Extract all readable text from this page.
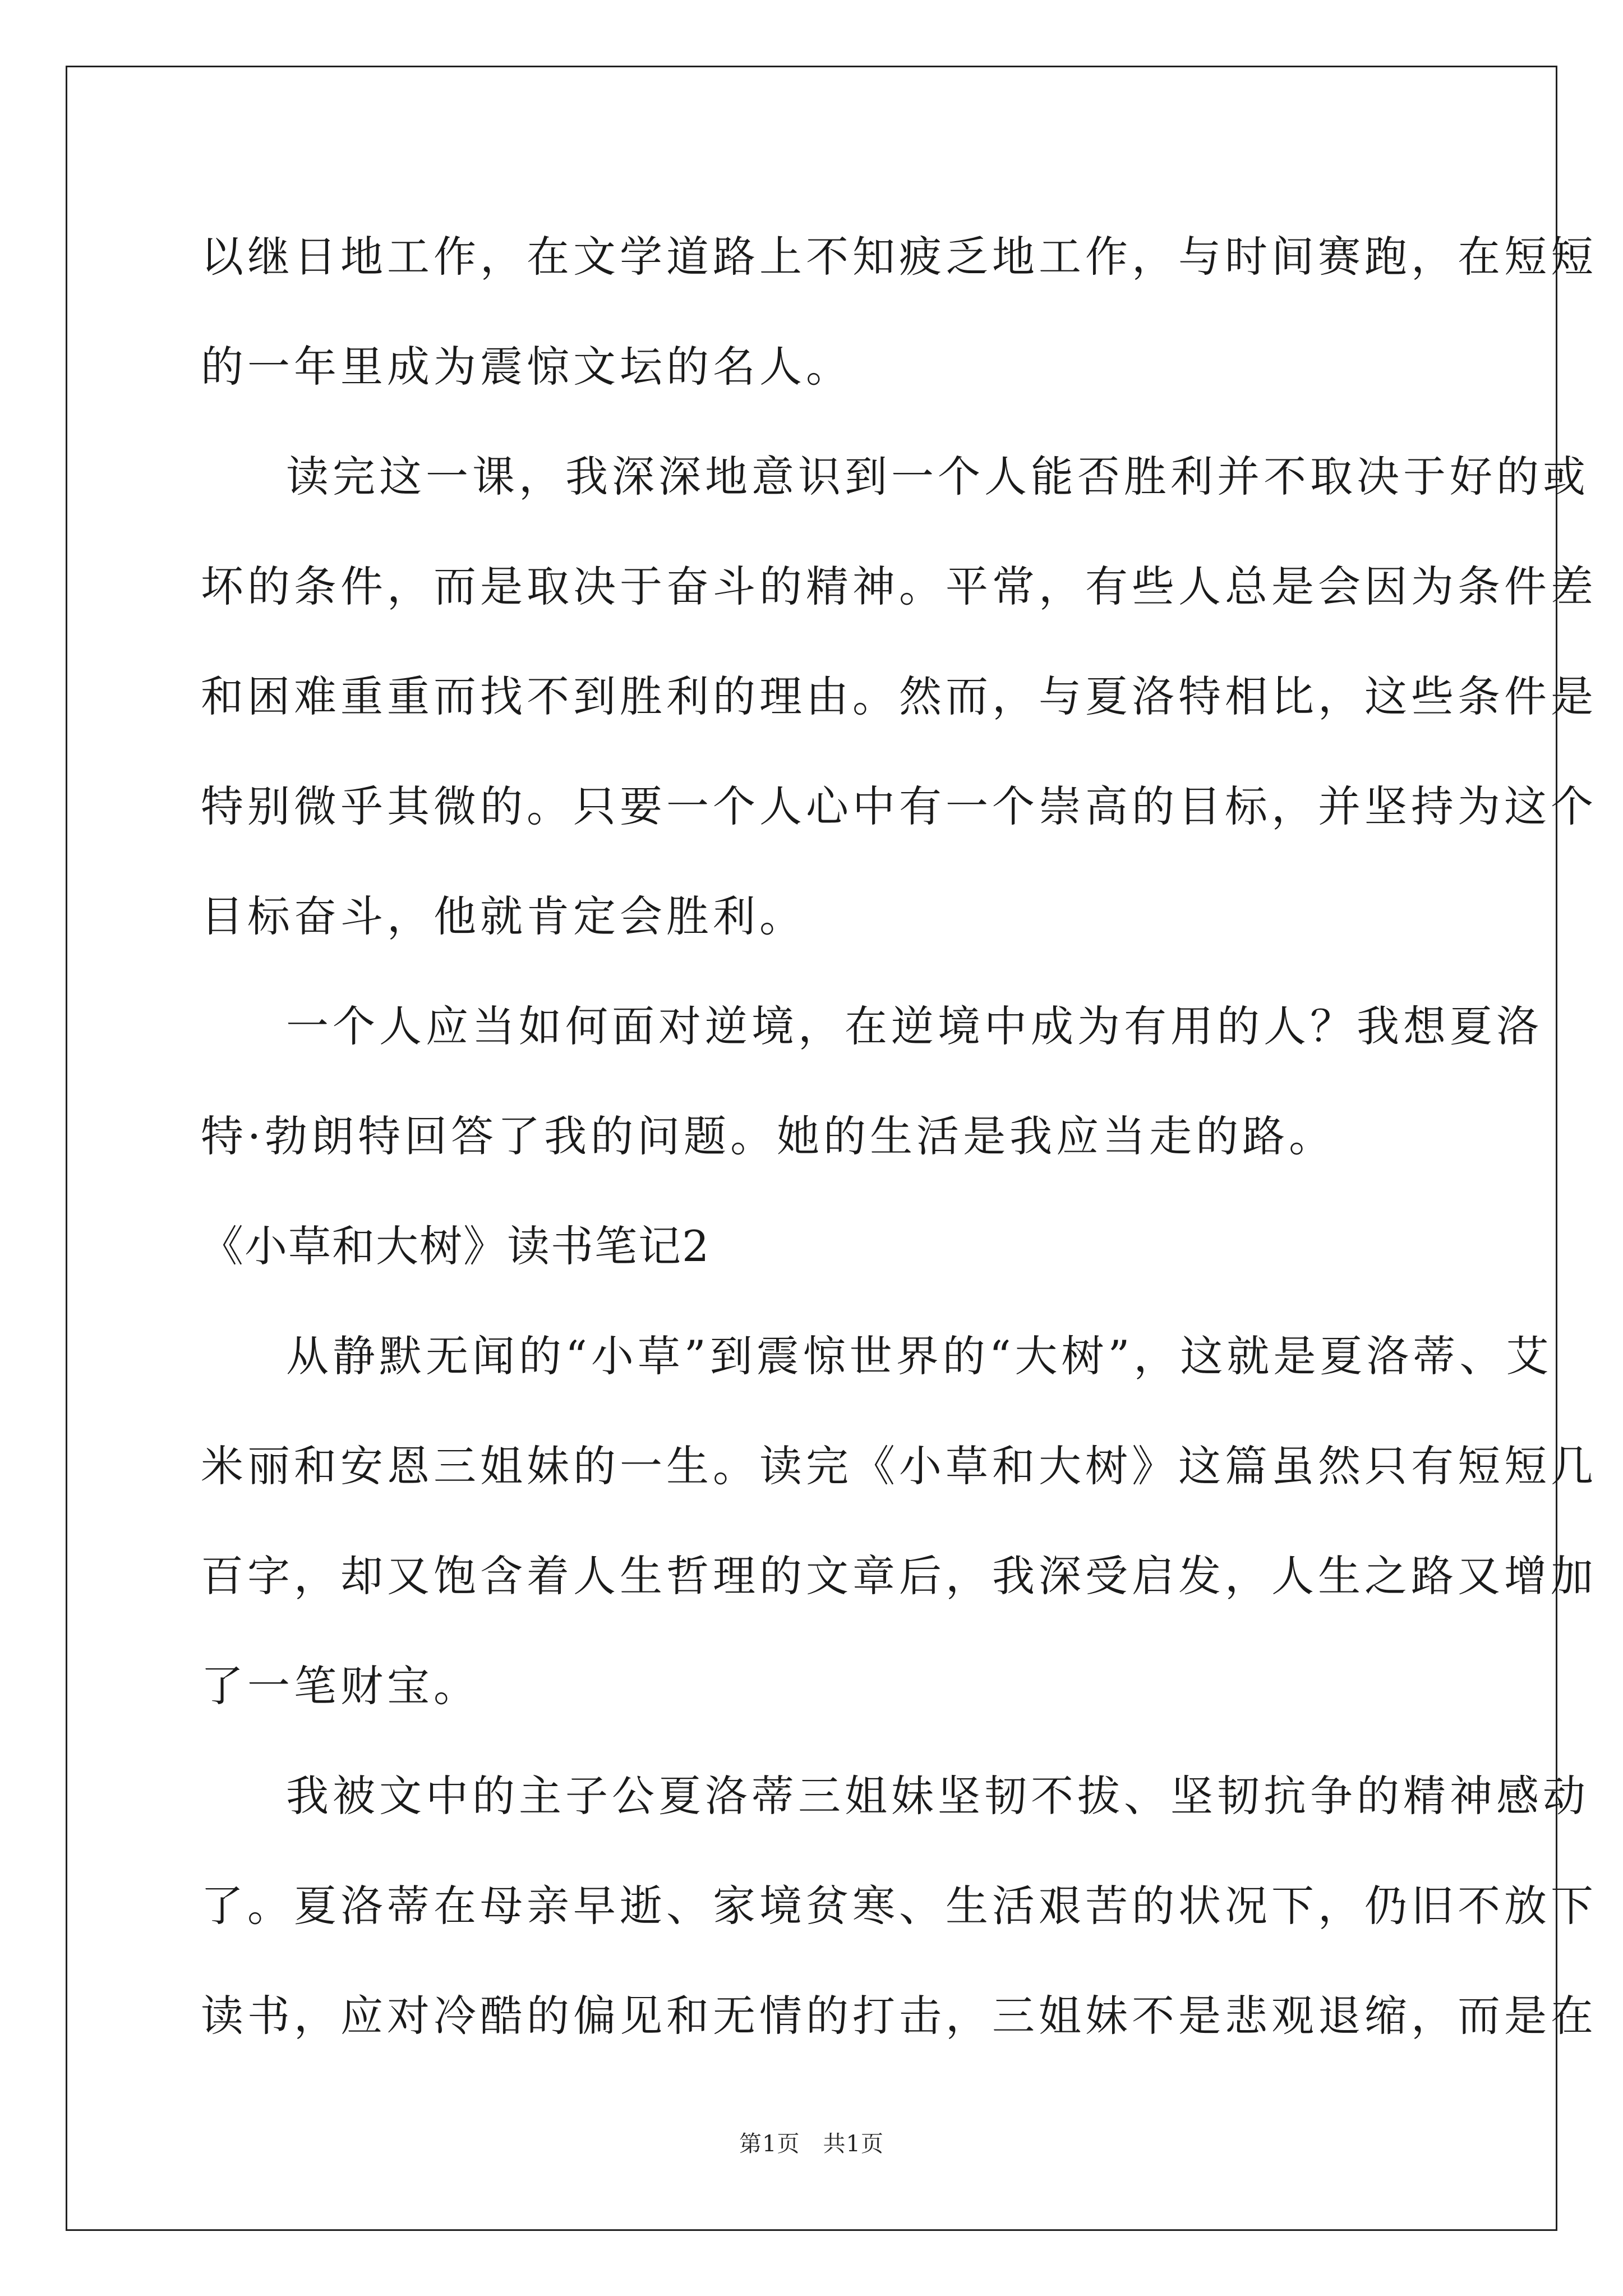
以继日地工作，在文学道路上不知疲乏地工作，与时间赛跑，在短短
的一年里成为震惊文坛的名人。
读完这一课，我深深地意识到一个人能否胜利并不取决于好的或
坏的条件，而是取决于奋斗的精神。平常，有些人总是会因为条件差
和困难重重而找不到胜利的理由。然而，与夏洛特相比，这些条件是
特别微乎其微的。只要一个人心中有一个崇高的目标，并坚持为这个
目标奋斗，他就肯定会胜利。
一个人应当如何面对逆境，在逆境中成为有用的人？我想夏洛
特·勃朗特回答了我的问题。她的生活是我应当走的路。
《小草和大树》读书笔记2
从静默无闻的“小草”到震惊世界的“大树”，这就是夏洛蒂、艾
米丽和安恩三姐妹的一生。读完《小草和大树》这篇虽然只有短短几
百字，却又饱含着人生哲理的文章后，我深受启发，人生之路又增加
了一笔财宝。
我被文中的主子公夏洛蒂三姐妹坚韧不拔、坚韧抗争的精神感动
了。夏洛蒂在母亲早逝、家境贫寒、生活艰苦的状况下，仍旧不放下
读书，应对冷酷的偏见和无情的打击，三姐妹不是悲观退缩，而是在
第1页　共1页
